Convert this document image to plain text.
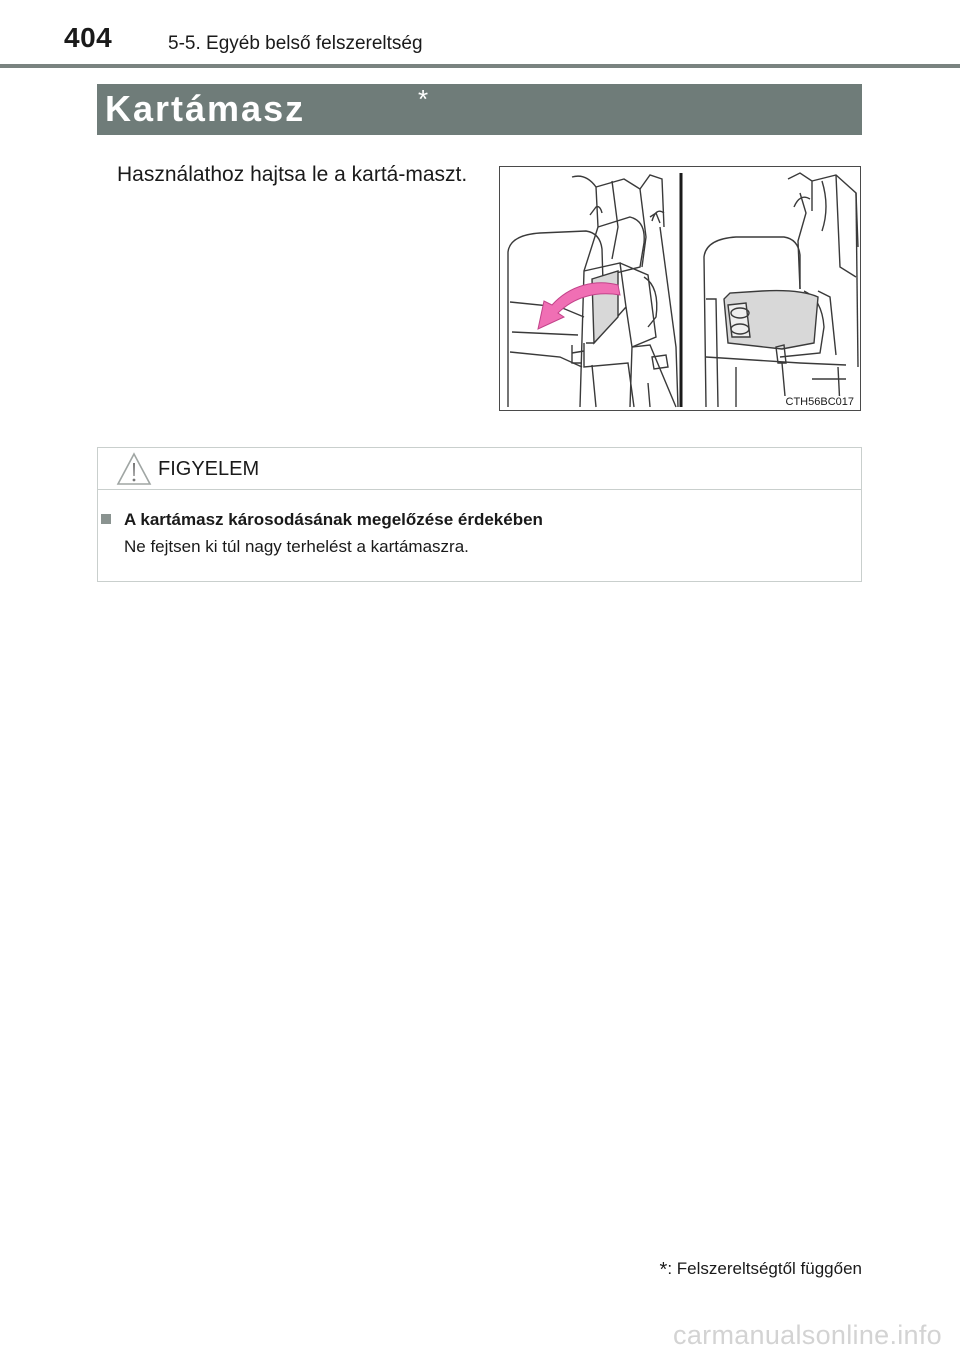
404	5-5. Egyéb belső felszereltség
Kartámasz	*
Használathoz hajtsa le a kartá-maszt.
CTH56BC017
FIGYELEM
A kartámasz károsodásának megelőzése érdekében
Ne fejtsen ki túl nagy terhelést a kartámaszra.
*: Felszereltségtől függően
carmanualsonline.info
